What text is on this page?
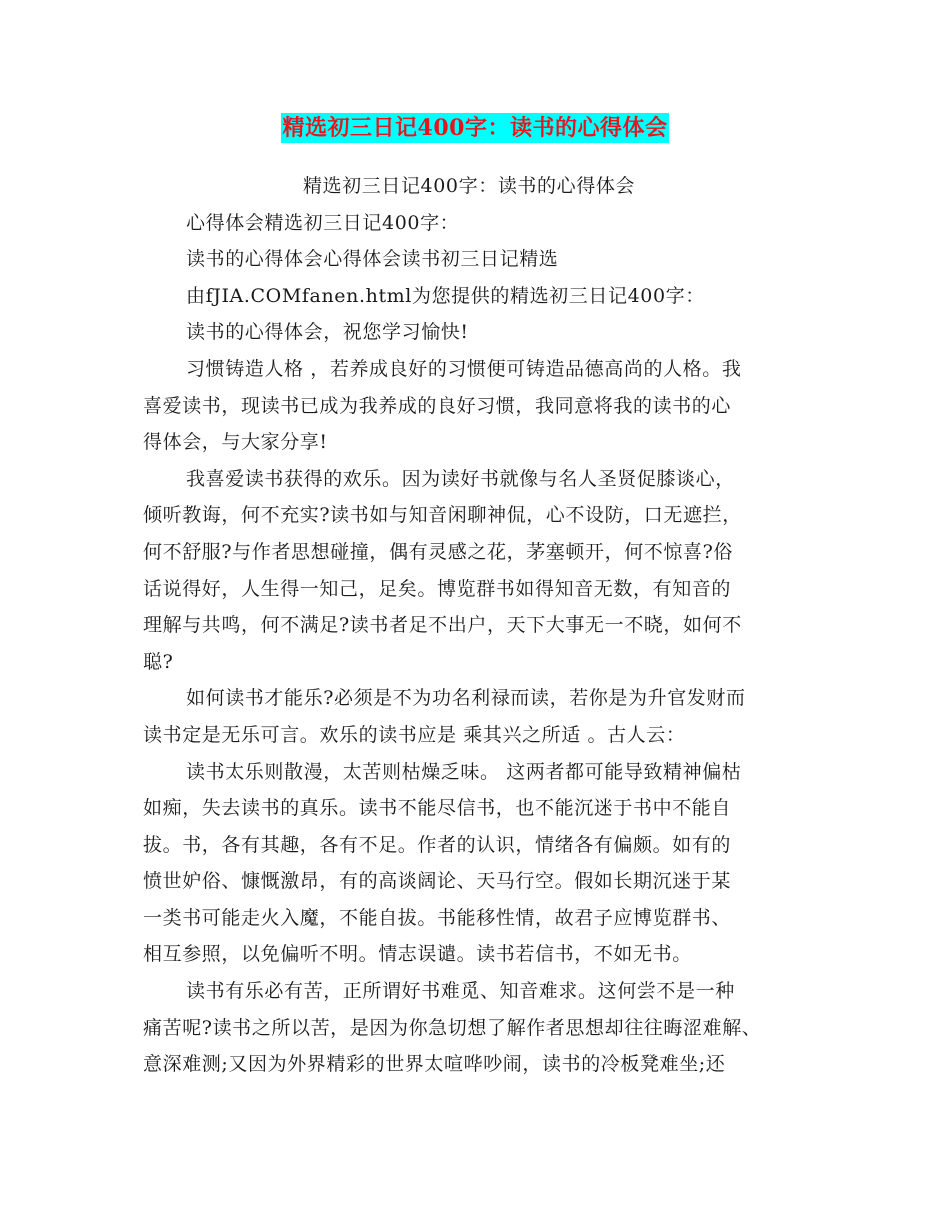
精选初三日记400字：读书的心得体会
精选初三日记400字：读书的心得体会
心得体会精选初三日记400字：
读书的心得体会心得体会读书初三日记精选
由fJIA.COMfanen.html为您提供的精选初三日记400字：
读书的心得体会，祝您学习愉快!
习惯铸造人格 ，若养成良好的习惯便可铸造品德高尚的人格。我
喜爱读书，现读书已成为我养成的良好习惯，我同意将我的读书的心
得体会，与大家分享!
我喜爱读书获得的欢乐。因为读好书就像与名人圣贤促膝谈心，
倾听教诲，何不充实?读书如与知音闲聊神侃，心不设防，口无遮拦，
何不舒服?与作者思想碰撞，偶有灵感之花，茅塞顿开，何不惊喜?俗
话说得好，人生得一知己，足矣。博览群书如得知音无数，有知音的
理解与共鸣，何不满足?读书者足不出户，天下大事无一不晓，如何不
聪?
如何读书才能乐?必须是不为功名利禄而读，若你是为升官发财而
读书定是无乐可言。欢乐的读书应是 乘其兴之所适 。古人云：
读书太乐则散漫，太苦则枯燥乏味。 这两者都可能导致精神偏枯
如痴，失去读书的真乐。读书不能尽信书，也不能沉迷于书中不能自
拔。书，各有其趣，各有不足。作者的认识，情绪各有偏颇。如有的
愤世妒俗、慷慨激昂，有的高谈阔论、天马行空。假如长期沉迷于某
一类书可能走火入魔，不能自拔。书能移性情，故君子应博览群书、
相互参照，以免偏听不明。情志误谴。读书若信书，不如无书。
读书有乐必有苦，正所谓好书难觅、知音难求。这何尝不是一种
痛苦呢?读书之所以苦，是因为你急切想了解作者思想却往往晦涩难解、
意深难测;又因为外界精彩的世界太喧哗吵闹，读书的冷板凳难坐;还
